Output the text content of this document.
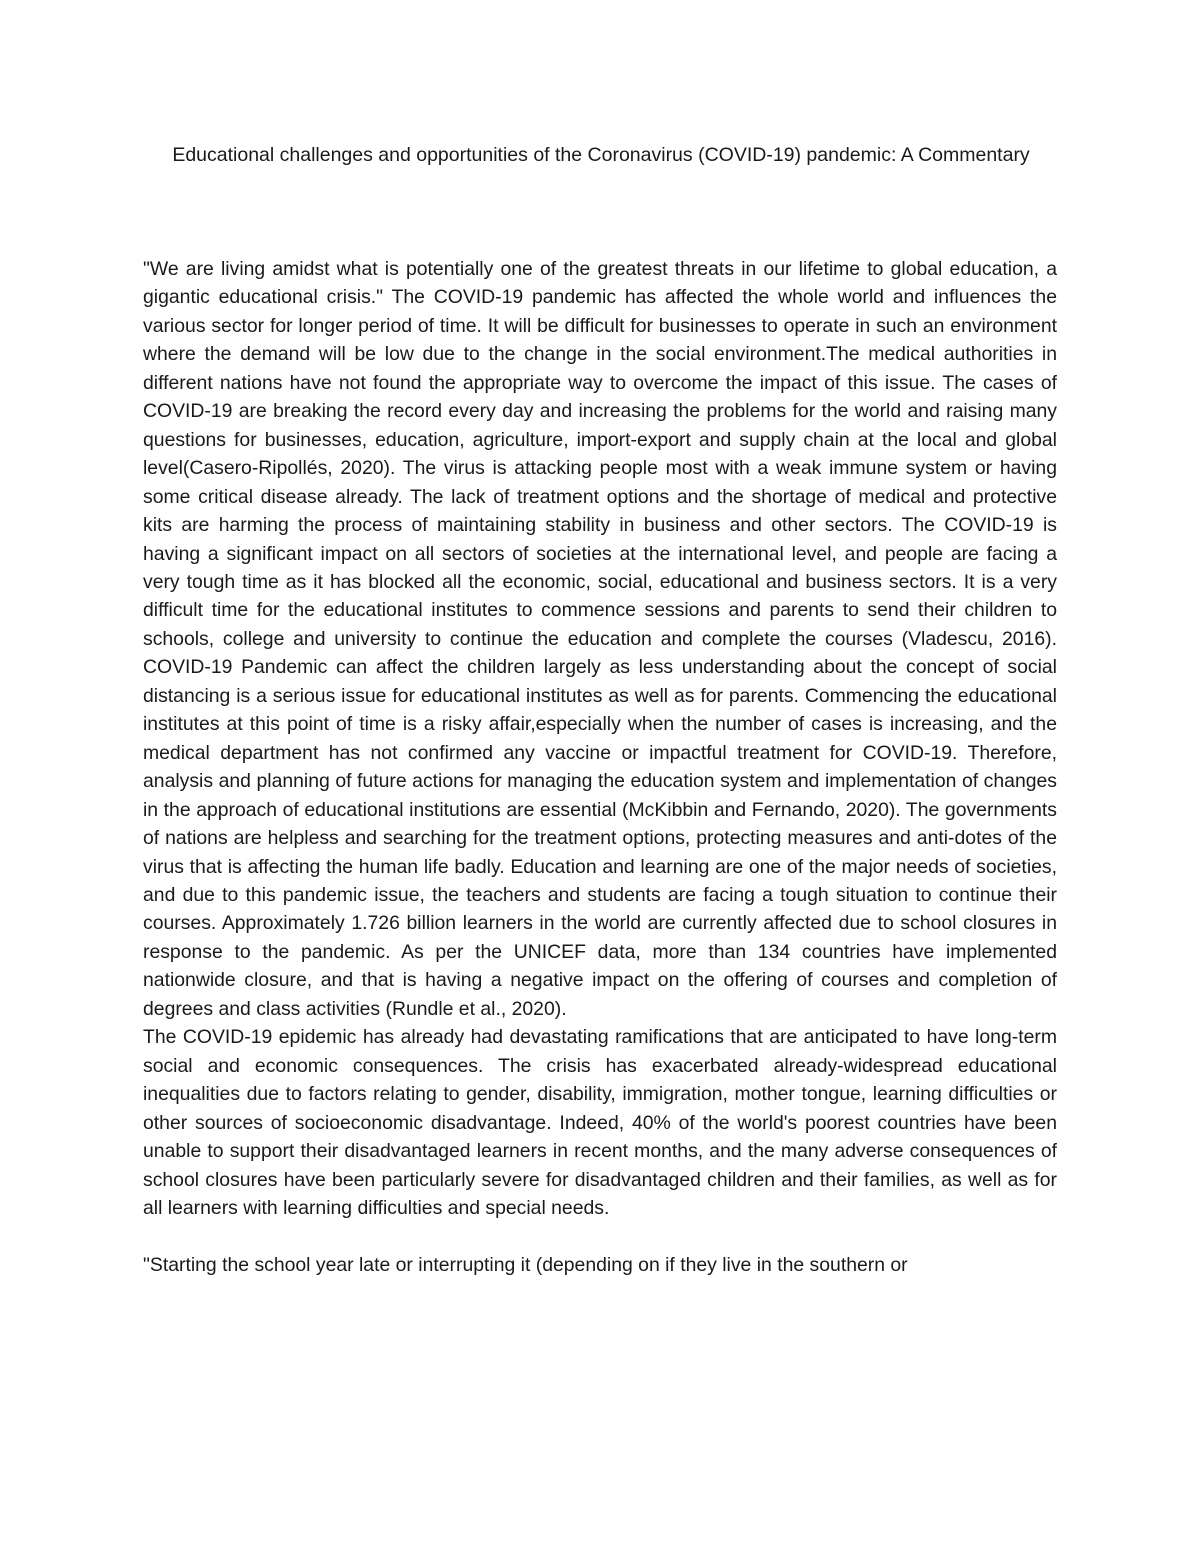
Educational challenges and opportunities of the Coronavirus (COVID-19) pandemic: A Commentary

"We are living amidst what is potentially one of the greatest threats in our lifetime to global education, a gigantic educational crisis." The COVID-19 pandemic has affected the whole world and influences the various sector for longer period of time. It will be difficult for businesses to operate in such an environment where the demand will be low due to the change in the social environment.The medical authorities in different nations have not found the appropriate way to overcome the impact of this issue. The cases of COVID-19 are breaking the record every day and increasing the problems for the world and raising many questions for businesses, education, agriculture, import-export and supply chain at the local and global level(Casero-Ripollés, 2020). The virus is attacking people most with a weak immune system or having some critical disease already. The lack of treatment options and the shortage of medical and protective kits are harming the process of maintaining stability in business and other sectors. The COVID-19 is having a significant impact on all sectors of societies at the international level, and people are facing a very tough time as it has blocked all the economic, social, educational and business sectors. It is a very difficult time for the educational institutes to commence sessions and parents to send their children to schools, college and university to continue the education and complete the courses (Vladescu, 2016). COVID-19 Pandemic can affect the children largely as less understanding about the concept of social distancing is a serious issue for educational institutes as well as for parents. Commencing the educational institutes at this point of time is a risky affair,especially when the number of cases is increasing, and the medical department has not confirmed any vaccine or impactful treatment for COVID-19. Therefore, analysis and planning of future actions for managing the education system and implementation of changes in the approach of educational institutions are essential (McKibbin and Fernando, 2020). The governments of nations are helpless and searching for the treatment options, protecting measures and anti-dotes of the virus that is affecting the human life badly. Education and learning are one of the major needs of societies, and due to this pandemic issue, the teachers and students are facing a tough situation to continue their courses. Approximately 1.726 billion learners in the world are currently affected due to school closures in response to the pandemic. As per the UNICEF data, more than 134 countries have implemented nationwide closure, and that is having a negative impact on the offering of courses and completion of degrees and class activities (Rundle et al., 2020).

The COVID-19 epidemic has already had devastating ramifications that are anticipated to have long-term social and economic consequences. The crisis has exacerbated already-widespread educational inequalities due to factors relating to gender, disability, immigration, mother tongue, learning difficulties or other sources of socioeconomic disadvantage. Indeed, 40% of the world's poorest countries have been unable to support their disadvantaged learners in recent months, and the many adverse consequences of school closures have been particularly severe for disadvantaged children and their families, as well as for all learners with learning difficulties and special needs.

"Starting the school year late or interrupting it (depending on if they live in the southern or
